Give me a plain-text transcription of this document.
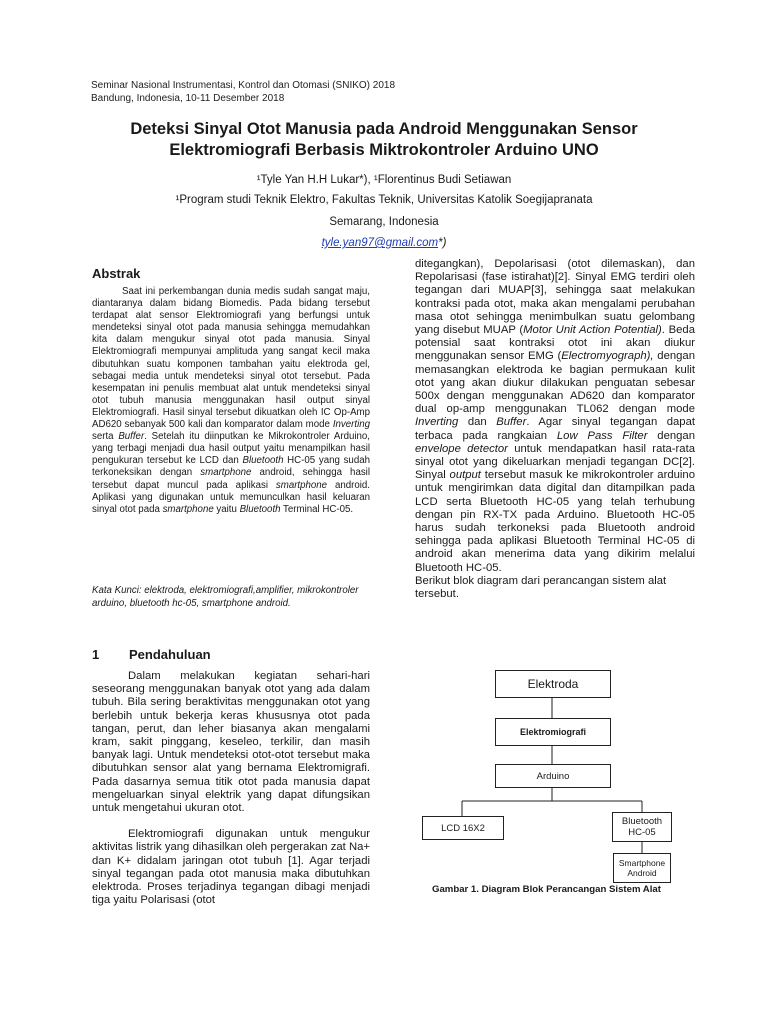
Seminar Nasional Instrumentasi, Kontrol dan Otomasi (SNIKO) 2018
Bandung, Indonesia, 10-11 Desember 2018
Deteksi Sinyal Otot Manusia pada Android Menggunakan Sensor
Elektromiografi Berbasis Miktrokontroler Arduino UNO
¹Tyle Yan H.H Lukar*), ¹Florentinus Budi Setiawan
¹Program studi Teknik Elektro, Fakultas Teknik, Universitas Katolik Soegijapranata
Semarang, Indonesia
tyle.yan97@gmail.com*)
Abstrak

Saat ini perkembangan dunia medis sudah sangat maju, diantaranya dalam bidang Biomedis. Pada bidang tersebut terdapat alat sensor Elektromiografi yang berfungsi untuk mendeteksi sinyal otot pada manusia sehingga memudahkan kita dalam mengukur sinyal otot pada manusia. Sinyal Elektromiografi mempunyai amplituda yang sangat kecil maka dibutuhkan suatu komponen tambahan yaitu elektroda gel, sebagai media untuk mendeteksi sinyal otot tersebut. Pada kesempatan ini penulis membuat alat untuk mendeteksi sinyal otot tubuh manusia menggunakan hasil output sinyal Elektromiografi. Hasil sinyal tersebut dikuatkan oleh IC Op-Amp AD620 sebanyak 500 kali dan komparator dalam mode Inverting serta Buffer. Setelah itu diinputkan ke Mikrokontroler Arduino, yang terbagi menjadi dua hasil output yaitu menampilkan hasil pengukuran tersebut ke LCD dan Bluetooth HC-05 yang sudah terkoneksikan dengan smartphone android, sehingga hasil tersebut dapat muncul pada aplikasi smartphone android. Aplikasi yang digunakan untuk memunculkan hasil keluaran sinyal otot pada smartphone yaitu Bluetooth Terminal HC-05.

Kata Kunci: elektroda, elektromiografi,amplifier, mikrokontroler arduino, bluetooth hc-05, smartphone android.
1 Pendahuluan

Dalam melakukan kegiatan sehari-hari seseorang menggunakan banyak otot yang ada dalam tubuh. Bila sering beraktivitas menggunakan otot yang berlebih untuk bekerja keras khususnya otot pada tangan, perut, dan leher biasanya akan mengalami kram, sakit pinggang, keseleo, terkilir, dan masih banyak lagi. Untuk mendeteksi otot-otot tersebut maka dibutuhkan sensor alat yang bernama Elektromigrafi. Pada dasarnya semua titik otot pada manusia dapat mengeluarkan sinyal elektrik yang dapat difungsikan untuk mengetahui ukuran otot.

Elektromiografi digunakan untuk mengukur aktivitas listrik yang dihasilkan oleh pergerakan zat Na+ dan K+ didalam jaringan otot tubuh [1]. Agar terjadi sinyal tegangan pada otot manusia maka dibutuhkan elektroda. Proses terjadinya tegangan dibagi menjadi tiga yaitu Polarisasi (otot

ditegangkan), Depolarisasi (otot dilemaskan), dan Repolarisasi (fase istirahat)[2]. Sinyal EMG terdiri oleh tegangan dari MUAP[3], sehingga saat melakukan kontraksi pada otot, maka akan mengalami perubahan masa otot sehingga menimbulkan suatu gelombang yang disebut MUAP (Motor Unit Action Potential). Beda potensial saat kontraksi otot ini akan diukur menggunakan sensor EMG (Electromyograph), dengan memasangkan elektroda ke bagian permukaan kulit otot yang akan diukur dilakukan penguatan sebesar 500x dengan menggunakan AD620 dan komparator dual op-amp menggunakan TL062 dengan mode Inverting dan Buffer. Agar sinyal tegangan dapat terbaca pada rangkaian Low Pass Filter dengan envelope detector untuk mendapatkan hasil rata-rata sinyal otot yang dikeluarkan menjadi tegangan DC[2]. Sinyal output tersebut masuk ke mikrokontroler arduino untuk mengirimkan data digital dan ditampilkan pada LCD serta Bluetooth HC-05 yang telah terhubung dengan pin RX-TX pada Arduino. Bluetooth HC-05 harus sudah terkoneksi pada Bluetooth android sehingga pada aplikasi Bluetooth Terminal HC-05 di android akan menerima data yang dikirim melalui Bluetooth HC-05.

Berikut blok diagram dari perancangan sistem alat tersebut.

Elektroda
Elektromiografi
Arduino
LCD 16X2
Bluetooth
HC-05
Smartphone
Android
Gambar 1. Diagram Blok Perancangan Sistem Alat
